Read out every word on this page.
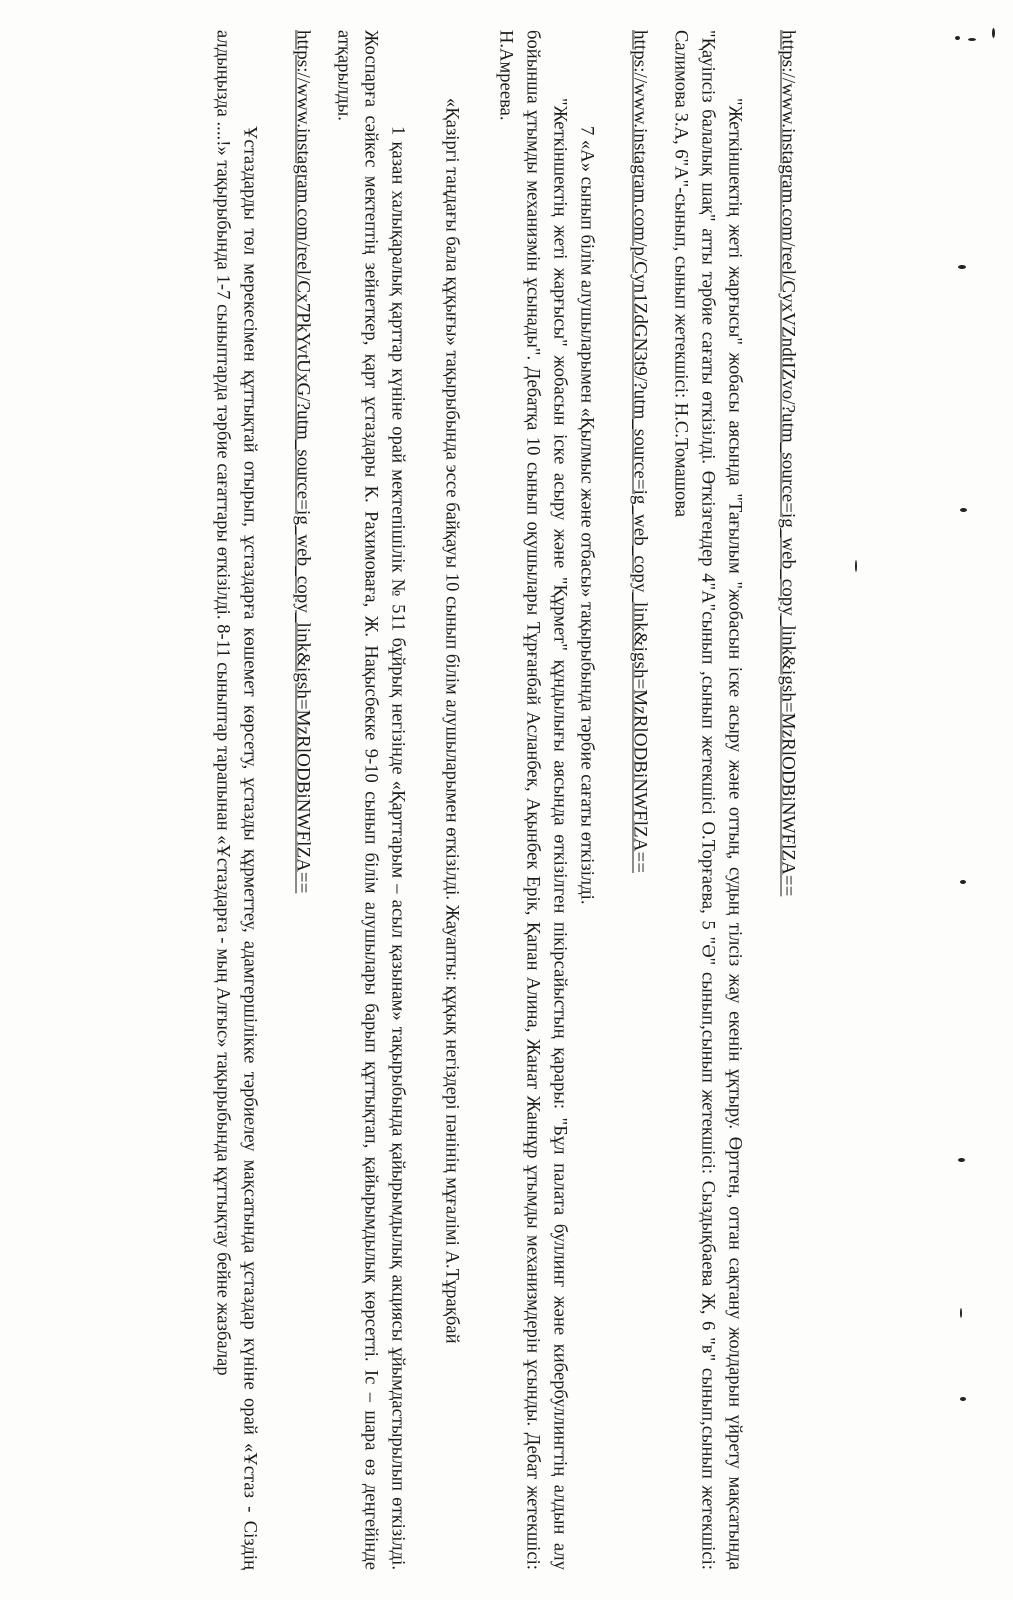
https://www.instagram.com/reel/CyxVZndtIZvo/?utm_source=ig_web_copy_link&igsh=MzRlODBiNWFlZA==

"Жеткіншектің жеті жарғысы" жобасы аясында "Тағылым "жобасын іске асыру және оттың, судың тілсіз жау екенін ұқтыру. Өрттен, оттан сақтану жолдарын үйрету мақсатында "Қауіпсіз балалық шақ" атты тәрбие сағаты өткізілді. Өткізгендер 4"А"сынып ,сынып жетекшісі О.Торғаева, 5 "Ә" сынып,сынып жетекшісі: Сыздықбаева Ж, 6 "в" сынып,сынып жетекшісі: Салимова З.А, 6"А"-сынып, сынып жетекшісі: Н.С.Томашова

https://www.instagram.com/p/Cyn1ZdGN3t9/?utm_source=ig_web_copy_link&igsh=MzRlODBiNWFlZA==

7 «А» сынып білім алушыларымен «Қылмыс және отбасы» тақырыбында тәрбие сағаты өткізілді.

"Жеткіншектің жеті жарғысы" жобасын іске асыру және "Құрмет" құндылығы аясында өткізілген пікірсайыстың қарары: "Бұл палата буллинг және кибербуллингтің алдын алу бойынша ұтымды механизмін ұсынады". Дебатқа 10 сынып оқушылары Тұрғанбай Асланбек, Ақынбек Ерік, Қапан Алина, Жанат Жаннұр ұтымды механизмдерін ұсынды. Дебат жетекшісі: Н.Амреева.

«Қазіргі таңдағы бала құқығы» тақырыбында эссе байқауы 10 сынып білім алушыларымен өткізілді. Жауапты: құқық негіздері пәнінің мұғалімі А.Тұрақбай

1 қазан халықаралық қарттар күніне орай мектепішілік № 511 бұйрық негізінде «Қарттарым – асыл қазынам» тақырыбында қайырымдылық акциясы ұйымдастырылып өткізілді. Жоспарға сәйкес мектептің зейнеткер, қарт ұстаздары К. Рахимоваға, Ж. Нақысбекке 9-10 сынып білім алушылары барып құттықтап, қайырымдылық көрсетті. Іс – шара өз деңгейінде атқарылды.

https://www.instagram.com/reel/Cx7PkYvtUxG/?utm_source=ig_web_copy_link&igsh=MzRlODBiNWFlZA==

Ұстаздарды төл мерекесімен құттықтай отырып, ұстаздарға көшемет көрсету, ұстазды құрметтеу, адамгершілікке тәрбиелеу мақсатында ұстаздар күніне орай «Ұстаз - Сіздің алдыңызда ....!» тақырыбында 1-7 сыныптарда тәрбие сағаттары өткізілді. 8-11 сыныптар тарапынан «Ұстаздарға - мың Алғыс» тақырыбында құттықтау бейне жазбалар
